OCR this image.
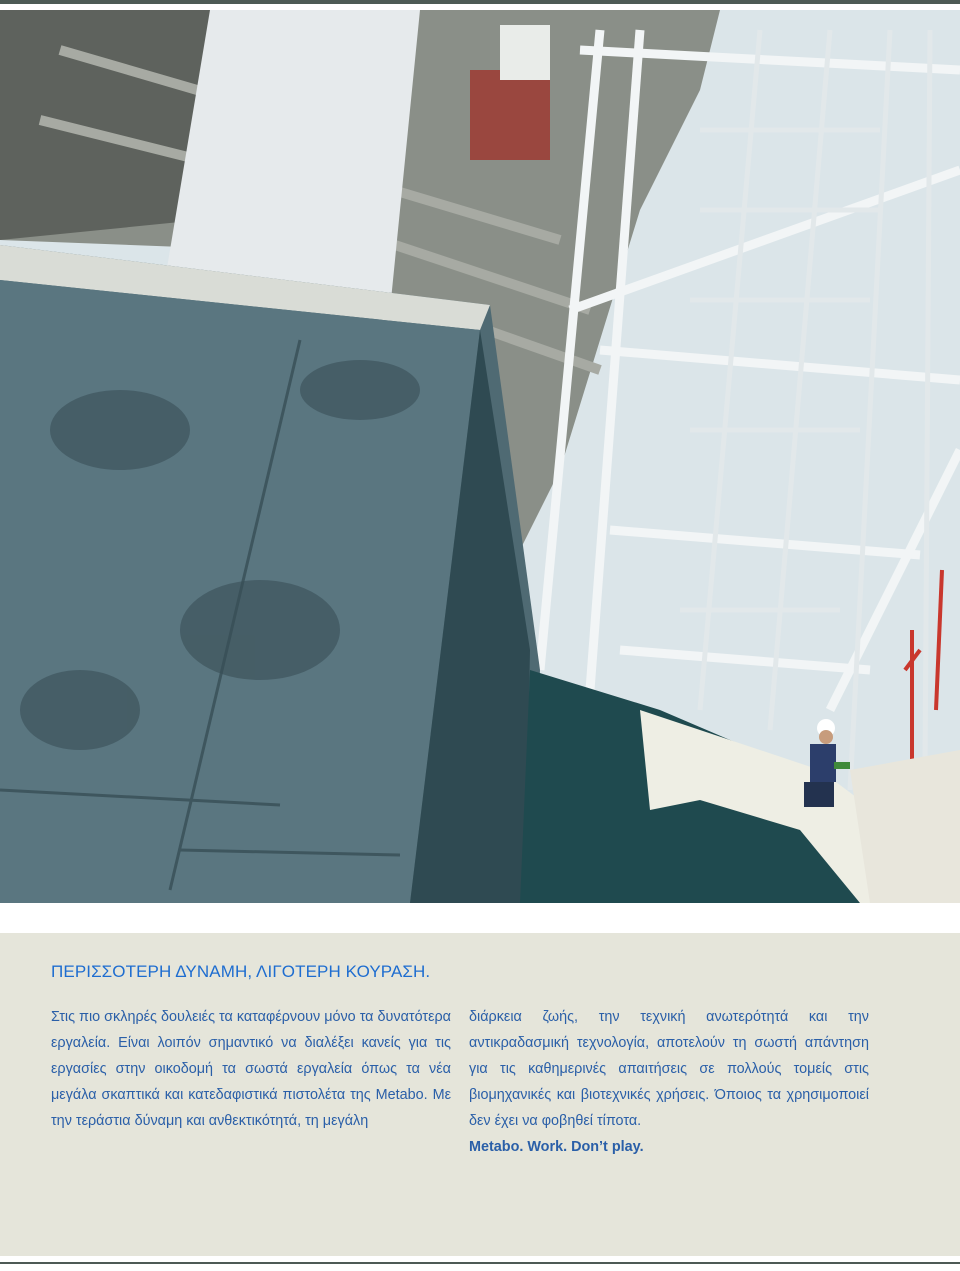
ΠΕΡΙΣΣΟΤΕΡΗ ΔΥΝΑΜΗ, ΛΙΓΟΤΕΡΗ ΚΟΥΡΑΣΗ.
Στις πιο σκληρές δουλειές τα καταφέρνουν μόνο τα δυνατότερα εργαλεία. Είναι λοιπόν σημαντικό να διαλέξει κανείς για τις εργασίες στην οικοδομή τα σωστά εργαλεία όπως τα νέα μεγάλα σκαπτικά και κατεδαφιστικά πιστολέτα της Metabo. Με την τεράστια δύναμη και ανθεκτικότητά, τη μεγάλη
διάρκεια ζωής, την τεχνική ανωτερότητά και την αντικραδασμική τεχνολογία, αποτελούν τη σωστή απάντηση για τις καθημερινές απαιτήσεις σε πολλούς τομείς στις βιομηχανικές και βιοτεχνικές χρήσεις. Όποιος τα χρησιμοποιεί δεν έχει να φοβηθεί τίποτα.
Metabo. Work. Don’t play.
